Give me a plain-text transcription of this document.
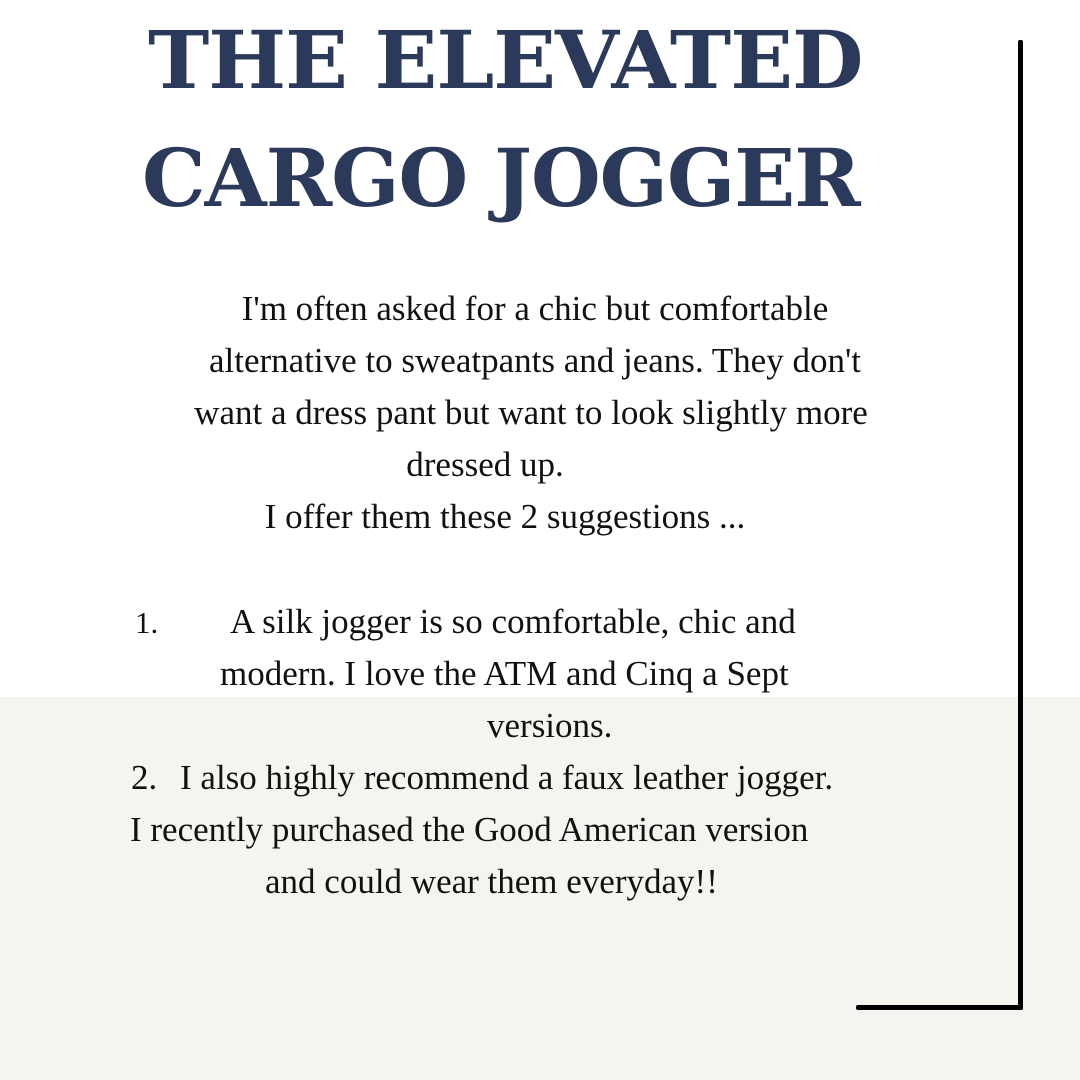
THE ELEVATED
CARGO JOGGER
I'm often asked for a chic but comfortable
alternative to sweatpants and jeans. They don't
want a dress pant but want to look slightly more
dressed up.
I offer them these 2 suggestions ...
1. A silk jogger is so comfortable, chic and
modern. I love the ATM and Cinq a Sept
versions.
2. I also highly recommend a faux leather jogger.
I recently purchased the Good American version
and could wear them everyday!!
